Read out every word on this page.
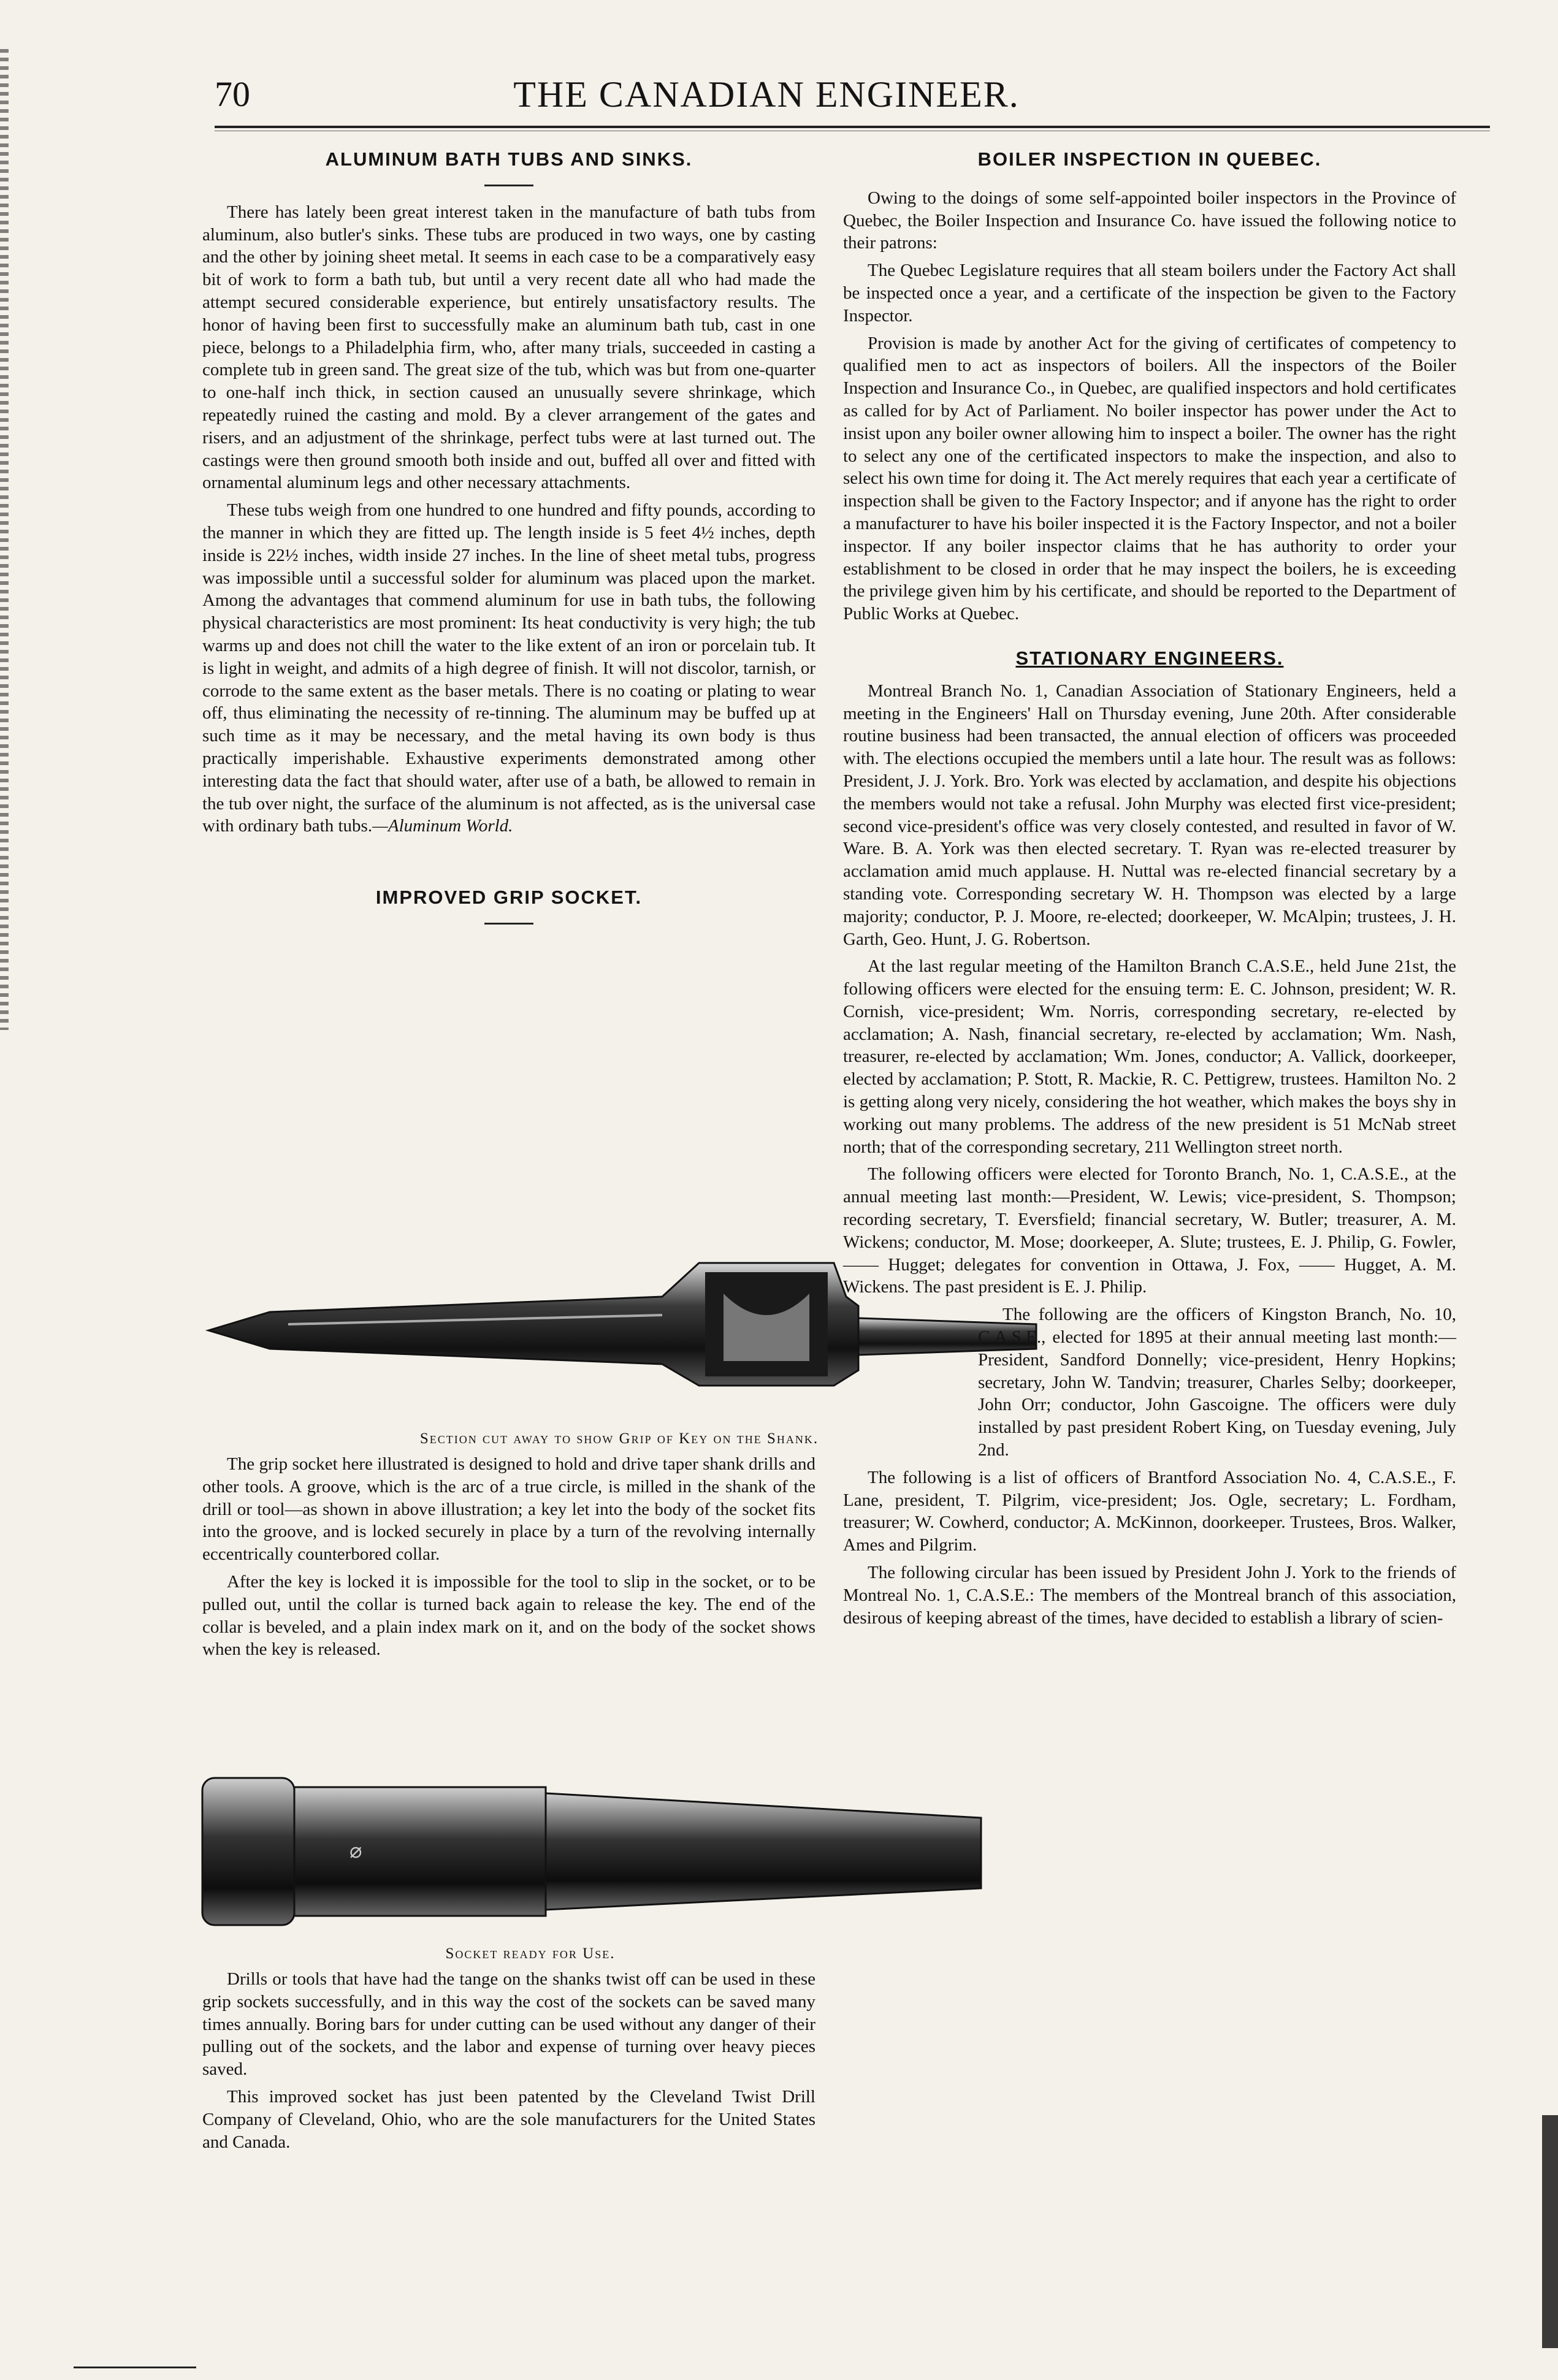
70	THE CANADIAN ENGINEER.
ALUMINUM BATH TUBS AND SINKS.

There has lately been great interest taken in the manufacture of bath tubs from aluminum, also butler's sinks. These tubs are produced in two ways, one by casting and the other by joining sheet metal. It seems in each case to be a comparatively easy bit of work to form a bath tub, but until a very recent date all who had made the attempt secured considerable experience, but entirely unsatisfactory results. The honor of having been first to successfully make an aluminum bath tub, cast in one piece, belongs to a Philadelphia firm, who, after many trials, succeeded in casting a complete tub in green sand. The great size of the tub, which was but from one-quarter to one-half inch thick, in section caused an unusually severe shrinkage, which repeatedly ruined the casting and mold. By a clever arrangement of the gates and risers, and an adjustment of the shrinkage, perfect tubs were at last turned out. The castings were then ground smooth both inside and out, buffed all over and fitted with ornamental aluminum legs and other necessary attachments.

These tubs weigh from one hundred to one hundred and fifty pounds, according to the manner in which they are fitted up. The length inside is 5 feet 4½ inches, depth inside is 22½ inches, width inside 27 inches. In the line of sheet metal tubs, progress was impossible until a successful solder for aluminum was placed upon the market. Among the advantages that commend aluminum for use in bath tubs, the following physical characteristics are most prominent: Its heat conductivity is very high; the tub warms up and does not chill the water to the like extent of an iron or porcelain tub. It is light in weight, and admits of a high degree of finish. It will not discolor, tarnish, or corrode to the same extent as the baser metals. There is no coating or plating to wear off, thus eliminating the necessity of re-tinning. The aluminum may be buffed up at such time as it may be necessary, and the metal having its own body is thus practically imperishable. Exhaustive experiments demonstrated among other interesting data the fact that should water, after use of a bath, be allowed to remain in the tub over night, the surface of the aluminum is not affected, as is the universal case with ordinary bath tubs.—Aluminum World.

IMPROVED GRIP SOCKET.
Section cut away to show Grip of Key on the Shank.

The grip socket here illustrated is designed to hold and drive taper shank drills and other tools. A groove, which is the arc of a true circle, is milled in the shank of the drill or tool—as shown in above illustration; a key let into the body of the socket fits into the groove, and is locked securely in place by a turn of the revolving internally eccentrically counterbored collar.

After the key is locked it is impossible for the tool to slip in the socket, or to be pulled out, until the collar is turned back again to release the key. The end of the collar is beveled, and a plain index mark on it, and on the body of the socket shows when the key is released.

⌀
Socket ready for Use.

Drills or tools that have had the tange on the shanks twist off can be used in these grip sockets successfully, and in this way the cost of the sockets can be saved many times annually. Boring bars for under cutting can be used without any danger of their pulling out of the sockets, and the labor and expense of turning over heavy pieces saved.

This improved socket has just been patented by the Cleveland Twist Drill Company of Cleveland, Ohio, who are the sole manufacturers for the United States and Canada.

BOILER INSPECTION IN QUEBEC.

Owing to the doings of some self-appointed boiler inspectors in the Province of Quebec, the Boiler Inspection and Insurance Co. have issued the following notice to their patrons:

The Quebec Legislature requires that all steam boilers under the Factory Act shall be inspected once a year, and a certificate of the inspection be given to the Factory Inspector.

Provision is made by another Act for the giving of certificates of competency to qualified men to act as inspectors of boilers. All the inspectors of the Boiler Inspection and Insurance Co., in Quebec, are qualified inspectors and hold certificates as called for by Act of Parliament. No boiler inspector has power under the Act to insist upon any boiler owner allowing him to inspect a boiler. The owner has the right to select any one of the certificated inspectors to make the inspection, and also to select his own time for doing it. The Act merely requires that each year a certificate of inspection shall be given to the Factory Inspector; and if anyone has the right to order a manufacturer to have his boiler inspected it is the Factory Inspector, and not a boiler inspector. If any boiler inspector claims that he has authority to order your establishment to be closed in order that he may inspect the boilers, he is exceeding the privilege given him by his certificate, and should be reported to the Department of Public Works at Quebec.

STATIONARY ENGINEERS.

Montreal Branch No. 1, Canadian Association of Stationary Engineers, held a meeting in the Engineers' Hall on Thursday evening, June 20th. After considerable routine business had been transacted, the annual election of officers was proceeded with. The elections occupied the members until a late hour. The result was as follows: President, J. J. York. Bro. York was elected by acclamation, and despite his objections the members would not take a refusal. John Murphy was elected first vice-president; second vice-president's office was very closely contested, and resulted in favor of W. Ware. B. A. York was then elected secretary. T. Ryan was re-elected treasurer by acclamation amid much applause. H. Nuttal was re-elected financial secretary by a standing vote. Corresponding secretary W. H. Thompson was elected by a large majority; conductor, P. J. Moore, re-elected; doorkeeper, W. McAlpin; trustees, J. H. Garth, Geo. Hunt, J. G. Robertson.

At the last regular meeting of the Hamilton Branch C.A.S.E., held June 21st, the following officers were elected for the ensuing term: E. C. Johnson, president; W. R. Cornish, vice-president; Wm. Norris, corresponding secretary, re-elected by acclamation; A. Nash, financial secretary, re-elected by acclamation; Wm. Nash, treasurer, re-elected by acclamation; Wm. Jones, conductor; A. Vallick, doorkeeper, elected by acclamation; P. Stott, R. Mackie, R. C. Pettigrew, trustees. Hamilton No. 2 is getting along very nicely, considering the hot weather, which makes the boys shy in working out many problems. The address of the new president is 51 McNab street north; that of the corresponding secretary, 211 Wellington street north.

The following officers were elected for Toronto Branch, No. 1, C.A.S.E., at the annual meeting last month:—President, W. Lewis; vice-president, S. Thompson; recording secretary, T. Eversfield; financial secretary, W. Butler; treasurer, A. M. Wickens; conductor, M. Mose; doorkeeper, A. Slute; trustees, E. J. Philip, G. Fowler, —— Hugget; delegates for convention in Ottawa, J. Fox, —— Hugget, A. M. Wickens. The past president is E. J. Philip.

The following are the officers of Kingston Branch, No. 10, C.A.S.E., elected for 1895 at their annual meeting last month:—President, Sandford Donnelly; vice-president, Henry Hopkins; secretary, John W. Tandvin; treasurer, Charles Selby; doorkeeper, John Orr; conductor, John Gascoigne. The officers were duly installed by past president Robert King, on Tuesday evening, July 2nd.

The following is a list of officers of Brantford Association No. 4, C.A.S.E., F. Lane, president, T. Pilgrim, vice-president; Jos. Ogle, secretary; L. Fordham, treasurer; W. Cowherd, conductor; A. McKinnon, doorkeeper. Trustees, Bros. Walker, Ames and Pilgrim.

The following circular has been issued by President John J. York to the friends of Montreal No. 1, C.A.S.E.: The members of the Montreal branch of this association, desirous of keeping abreast of the times, have decided to establish a library of scien-
